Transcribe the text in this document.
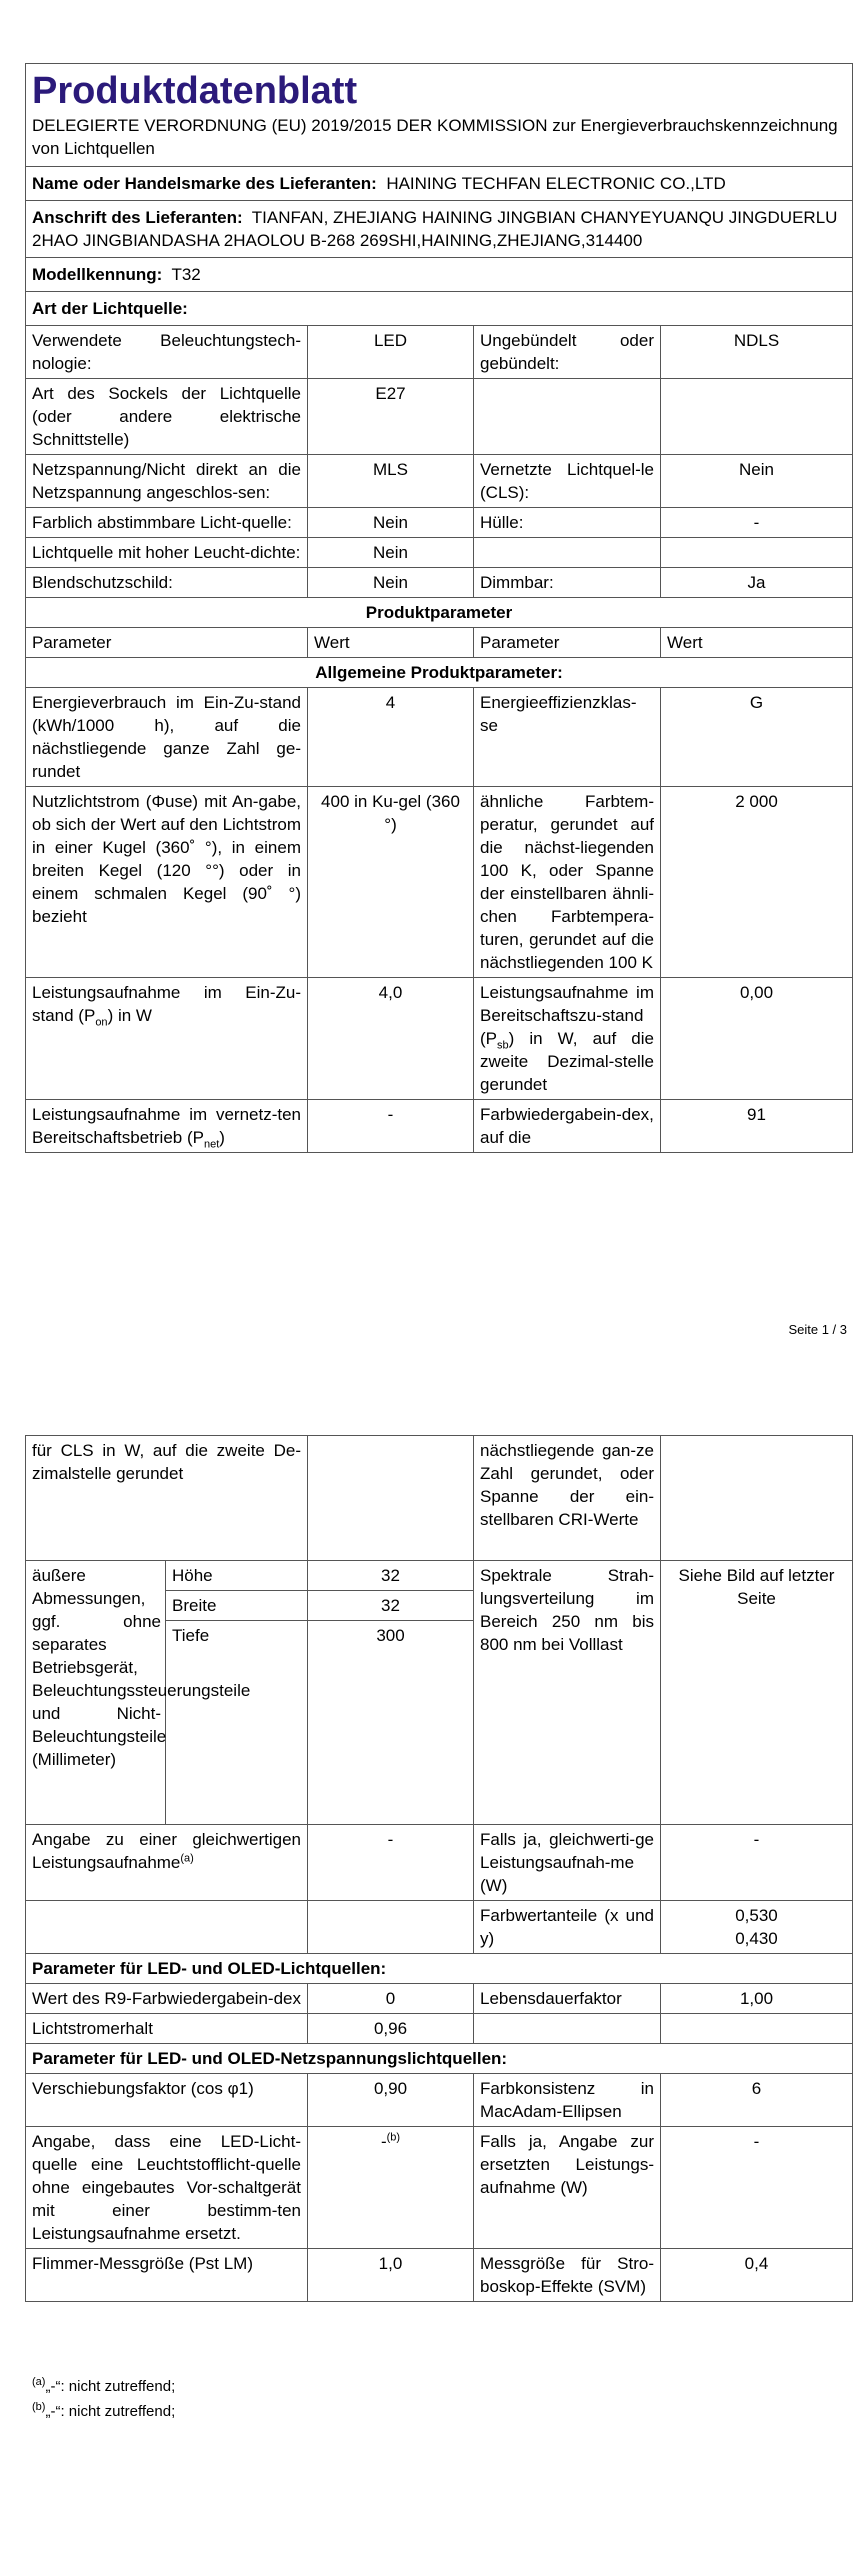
Produktdatenblatt
DELEGIERTE VERORDNUNG (EU) 2019/2015 DER KOMMISSION zur Energieverbrauchskennzeichnung von Lichtquellen			
Name oder Handelsmarke des Lieferanten: HAINING TECHFAN ELECTRONIC CO.,LTD			
Anschrift des Lieferanten: TIANFAN, ZHEJIANG HAINING JINGBIAN CHANYEYUANQU JINGDUERLU 2HAO JINGBIANDASHA 2HAOLOU B-268 269SHI,HAINING,ZHEJIANG,314400			
Modellkennung: T32			
Art der Lichtquelle:			
Verwendete Beleuchtungstech-nologie:	LED	Ungebündelt oder gebündelt:	NDLS
Art des Sockels der Lichtquelle (oder andere elektrische Schnittstelle)	E27		
Netzspannung/Nicht direkt an die Netzspannung angeschlos-sen:	MLS	Vernetzte Lichtquel-le (CLS):	Nein
Farblich abstimmbare Licht-quelle:	Nein	Hülle:	-
Lichtquelle mit hoher Leucht-dichte:	Nein		
Blendschutzschild:	Nein	Dimmbar:	Ja
Produktparameter			
Parameter	Wert	Parameter	Wert
Allgemeine Produktparameter:			
Energieverbrauch im Ein-Zu-stand (kWh/1000 h), auf die nächstliegende ganze Zahl ge-rundet	4	Energieeffizienzklas-se	G
Nutzlichtstrom (Φuse) mit An-gabe, ob sich der Wert auf den Lichtstrom in einer Kugel (360˚ °), in einem breiten Kegel (120 °°) oder in einem schmalen Kegel (90˚ °) bezieht	400 in Ku-gel (360 °)	ähnliche Farbtem-peratur, gerundet auf die nächst-liegenden 100 K, oder Spanne der einstellbaren ähnli-chen Farbtempera-turen, gerundet auf die nächstliegenden 100 K	2 000
Leistungsaufnahme im Ein-Zu-stand $(P_{on})$ in W	4,0	Leistungsaufnahme im Bereitschaftszu-stand $(P_{sb})$ in W, auf die zweite Dezimal-stelle gerundet	0,00
Leistungsaufnahme im vernetz-ten Bereitschaftsbetrieb $(P_{net})$	-	Farbwiedergabein-dex, auf die	91
Seite 1 / 3
für CLS in W, auf die zweite De-zimalstelle gerundet			nächstliegende gan-ze Zahl gerundet, oder Spanne der ein-stellbaren CRI-Werte	
äußere Abmessungen, ggf. ohne separates Betriebsgerät, Beleuchtungssteuerungsteile und Nicht-Beleuchtungsteile (Millimeter)	Höhe	32	Spektrale Strah-lungsverteilung im Bereich 250 nm bis 800 nm bei Volllast	Siehe Bild auf letzter Seite
	Breite	32		
	Tiefe	300		
Angabe zu einer gleichwertigen Leistungsaufnahme$^{(a)}$		-	Falls ja, gleichwerti-ge Leistungsaufnah-me (W)	-
			Farbwertanteile (x und y)	0,530
0,430
Parameter für LED- und OLED-Lichtquellen:				
Wert des R9-Farbwiedergabein-dex		0	Lebensdauerfaktor	1,00
Lichtstromerhalt		0,96		
Parameter für LED- und OLED-Netzspannungslichtquellen:				
Verschiebungsfaktor (cos φ1)		0,90	Farbkonsistenz in MacAdam-Ellipsen	6
Angabe, dass eine LED-Licht-quelle eine Leuchtstofflicht-quelle ohne eingebautes Vor-schaltgerät mit einer bestimm-ten Leistungsaufnahme ersetzt.		-$^{(b)}$	Falls ja, Angabe zur ersetzten Leistungs-aufnahme (W)	-
Flimmer-Messgröße (Pst LM)		1,0	Messgröße für Stro-boskop-Effekte (SVM)	0,4
$^{(a)}$„-“: nicht zutreffend;
$^{(b)}$„-“: nicht zutreffend;
